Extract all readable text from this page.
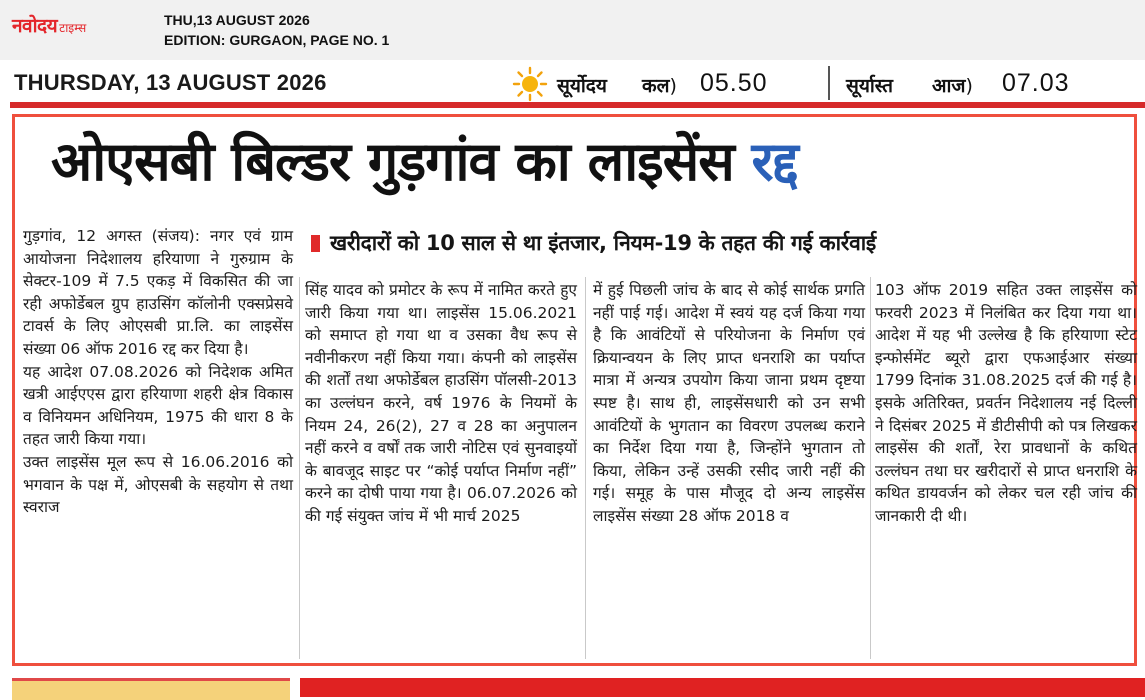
नवोदय टाइम्स	THU,13 AUGUST 2026
EDITION: GURGAON, PAGE NO. 1
THURSDAY, 13 AUGUST 2026	सूर्योदय कल) 05.50	सूर्यास्त आज) 07.03
ओएसबी बिल्डर गुड़गांव का लाइसेंस रद्द
खरीदारों को 10 साल से था इंतजार, नियम-19 के तहत की गई कार्रवाई

गुड़गांव, 12 अगस्त (संजय): नगर एवं ग्राम आयोजना निदेशालय हरियाणा ने गुरुग्राम के सेक्टर-109 में 7.5 एकड़ में विकसित की जा रही अफोर्डेबल ग्रुप हाउसिंग कॉलोनी एक्सप्रेसवे टावर्स के लिए ओएसबी प्रा.लि. का लाइसेंस संख्या 06 ऑफ 2016 रद्द कर दिया है।

यह आदेश 07.08.2026 को निदेशक अमित खत्री आईएएस द्वारा हरियाणा शहरी क्षेत्र विकास व विनियमन अधिनियम, 1975 की धारा 8 के तहत जारी किया गया।

उक्त लाइसेंस मूल रूप से 16.06.2016 को भगवान के पक्ष में, ओएसबी के सहयोग से तथा स्वराज

सिंह यादव को प्रमोटर के रूप में नामित करते हुए जारी किया गया था। लाइसेंस 15.06.2021 को समाप्त हो गया था व उसका वैध रूप से नवीनीकरण नहीं किया गया। कंपनी को लाइसेंस की शर्तों तथा अफोर्डेबल हाउसिंग पॉलसी-2013 का उल्लंघन करने, वर्ष 1976 के नियमों के नियम 24, 26(2), 27 व 28 का अनुपालन नहीं करने व वर्षों तक जारी नोटिस एवं सुनवाइयों के बावजूद साइट पर “कोई पर्याप्त निर्माण नहीं” करने का दोषी पाया गया है। 06.07.2026 को की गई संयुक्त जांच में भी मार्च 2025

में हुई पिछली जांच के बाद से कोई सार्थक प्रगति नहीं पाई गई। आदेश में स्वयं यह दर्ज किया गया है कि आवंटियों से परियोजना के निर्माण एवं क्रियान्वयन के लिए प्राप्त धनराशि का पर्याप्त मात्रा में अन्यत्र उपयोग किया जाना प्रथम दृष्टया स्पष्ट है। साथ ही, लाइसेंसधारी को उन सभी आवंटियों के भुगतान का विवरण उपलब्ध कराने का निर्देश दिया गया है, जिन्होंने भुगतान तो किया, लेकिन उन्हें उसकी रसीद जारी नहीं की गई। समूह के पास मौजूद दो अन्य लाइसेंस लाइसेंस संख्या 28 ऑफ 2018 व

103 ऑफ 2019 सहित उक्त लाइसेंस को फरवरी 2023 में निलंबित कर दिया गया था। आदेश में यह भी उल्लेख है कि हरियाणा स्टेट इन्फोर्समेंट ब्यूरो द्वारा एफआईआर संख्या 1799 दिनांक 31.08.2025 दर्ज की गई है। इसके अतिरिक्त, प्रवर्तन निदेशालय नई दिल्ली ने दिसंबर 2025 में डीटीसीपी को पत्र लिखकर लाइसेंस की शर्तों, रेरा प्रावधानों के कथित उल्लंघन तथा घर खरीदारों से प्राप्त धनराशि के कथित डायवर्जन को लेकर चल रही जांच की जानकारी दी थी।
